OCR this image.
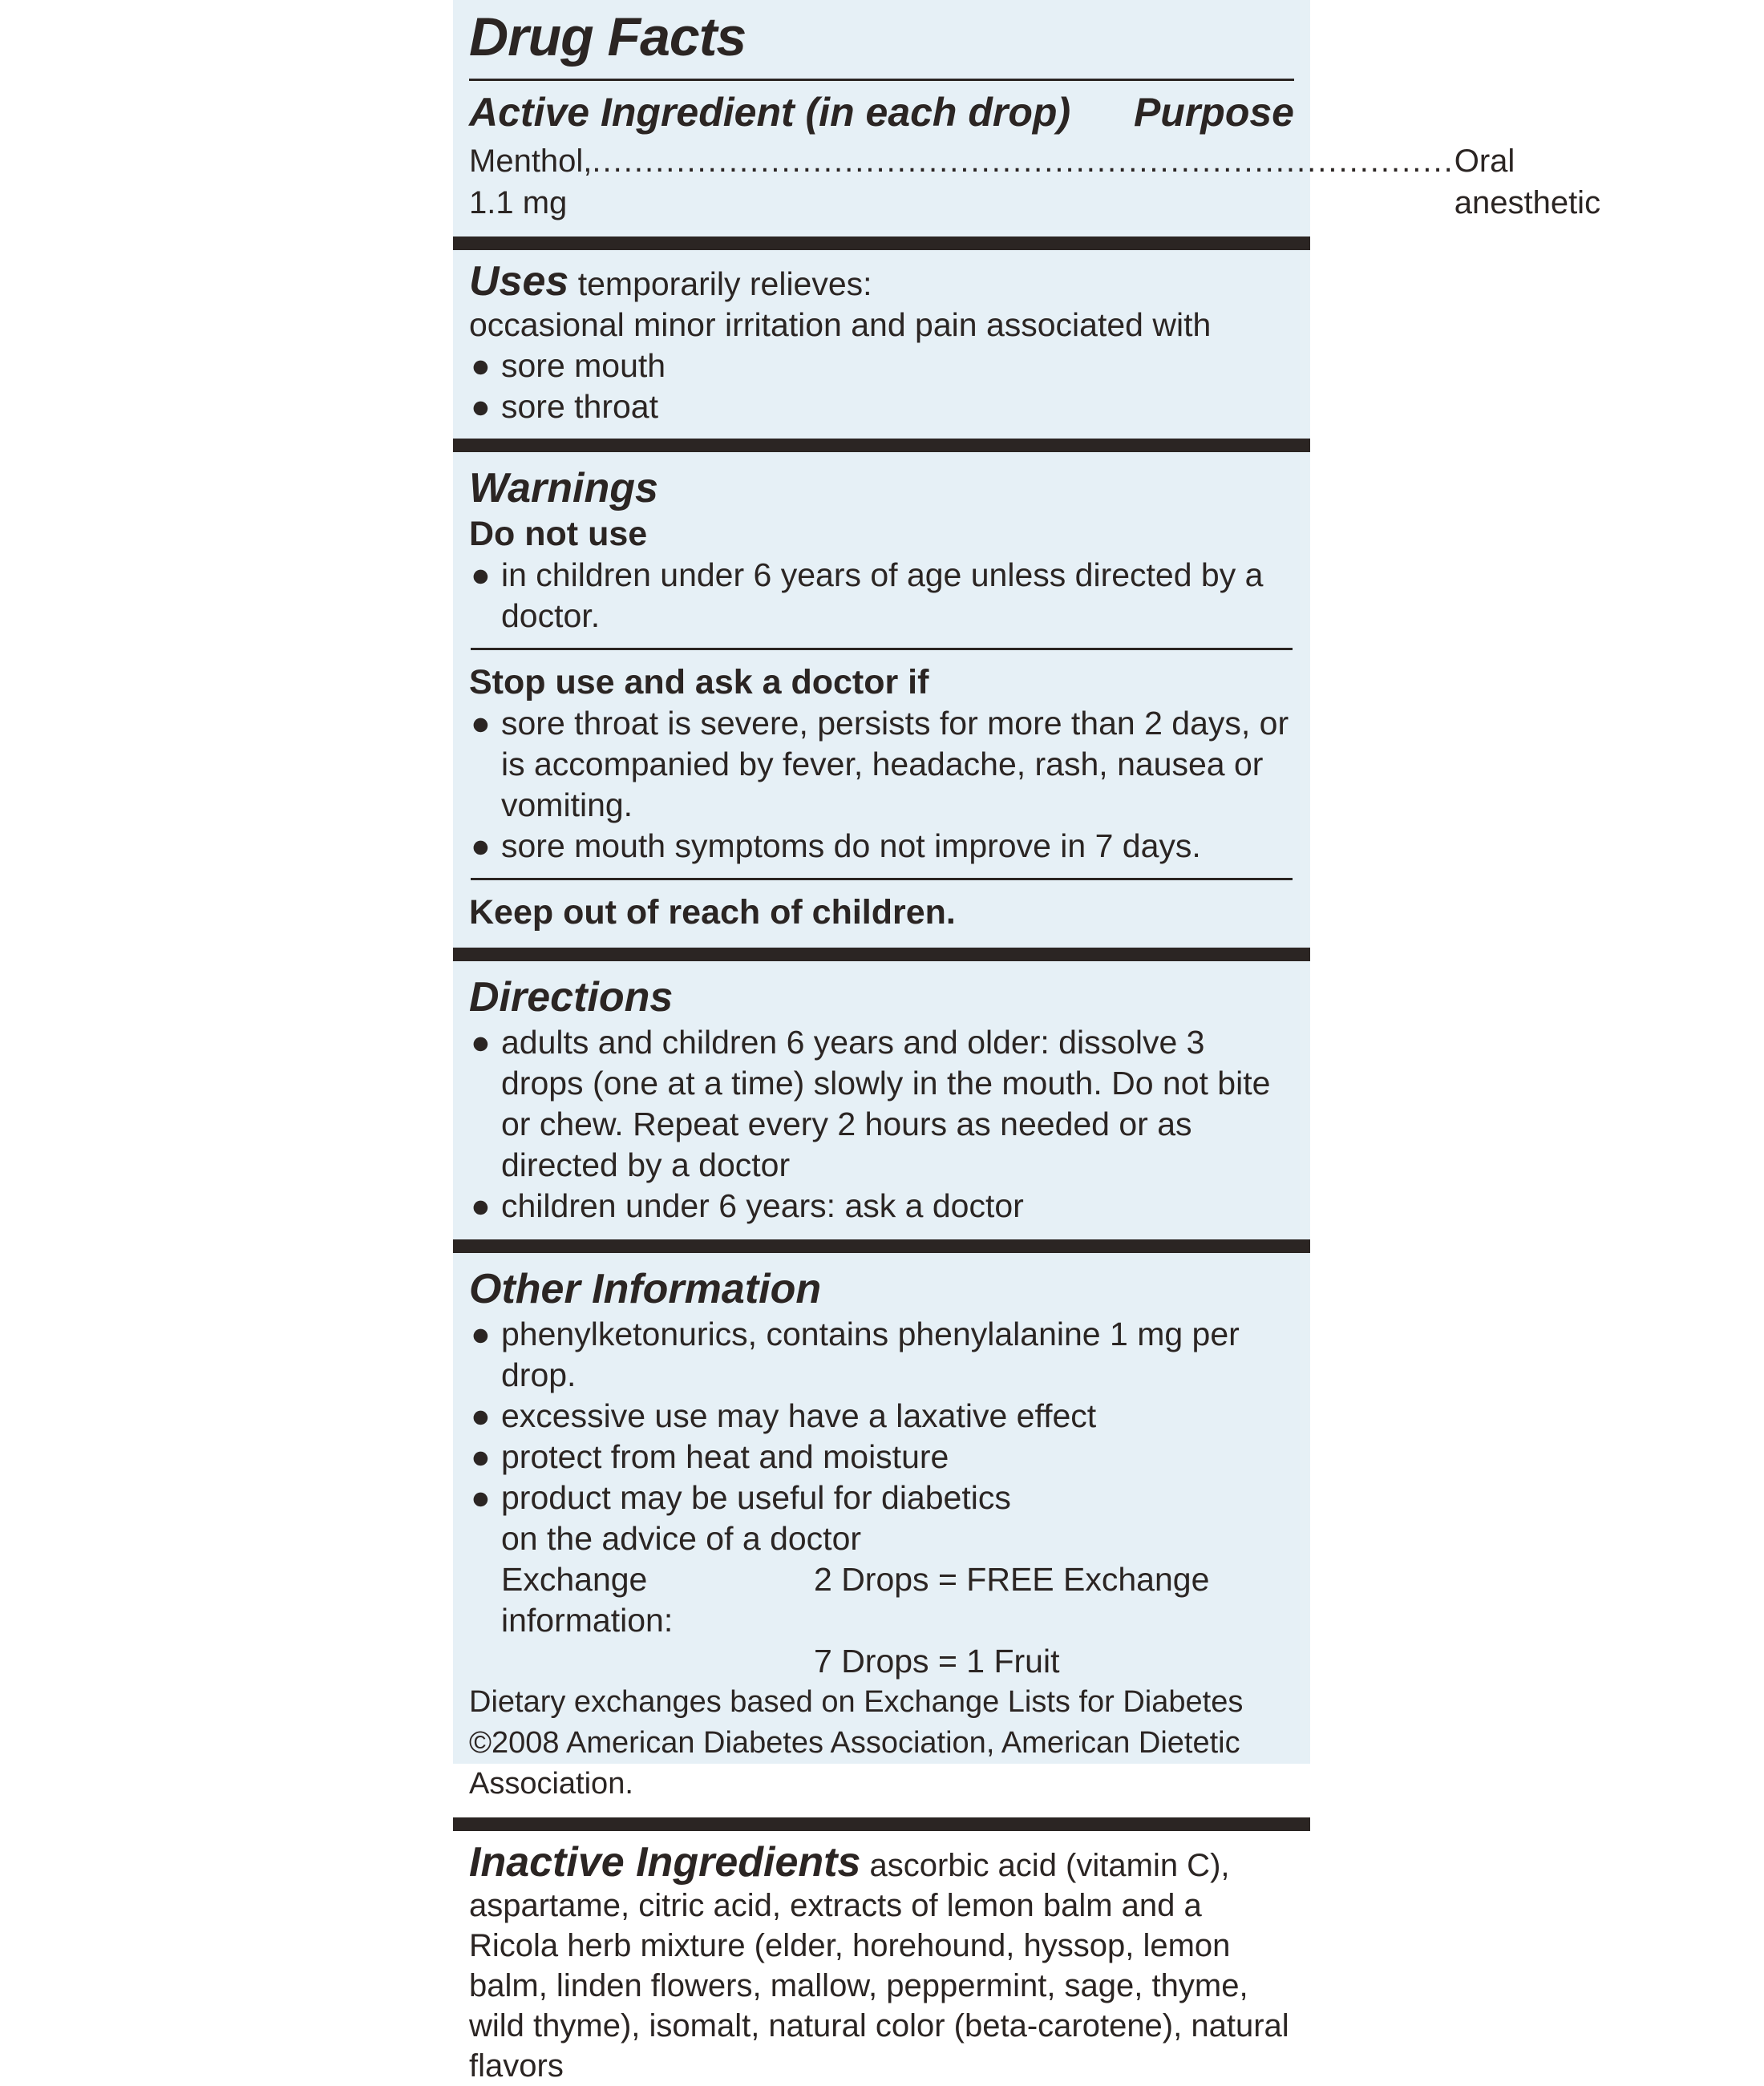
Drug Facts
Active Ingredient (in each drop) Purpose
Menthol, 1.1 mg
.................................................................................. Oral anesthetic
Uses temporarily relieves:
occasional minor irritation and pain associated with
● sore mouth
● sore throat
Warnings
Do not use
● in children under 6 years of age unless directed by a doctor.
Stop use and ask a doctor if
● sore throat is severe, persists for more than 2 days, or is accompanied by fever, headache, rash, nausea or vomiting.
● sore mouth symptoms do not improve in 7 days.
Keep out of reach of children.
Directions
● adults and children 6 years and older: dissolve 3 drops (one at a time) slowly in the mouth. Do not bite or chew. Repeat every 2 hours as needed or as directed by a doctor
● children under 6 years: ask a doctor
Other Information
● phenylketonurics, contains phenylalanine 1 mg per drop.
● excessive use may have a laxative effect
● protect from heat and moisture
● product may be useful for diabetics on the advice of a doctor
Exchange information:
2 Drops = FREE Exchange
7 Drops = 1 Fruit
Dietary exchanges based on Exchange Lists for Diabetes
©2008 American Diabetes Association, American Dietetic Association.
Inactive Ingredients ascorbic acid (vitamin C), aspartame, citric acid, extracts of lemon balm and a Ricola herb mixture (elder, horehound, hyssop, lemon balm, linden flowers, mallow, peppermint, sage, thyme, wild thyme), isomalt, natural color (beta-carotene), natural flavors
